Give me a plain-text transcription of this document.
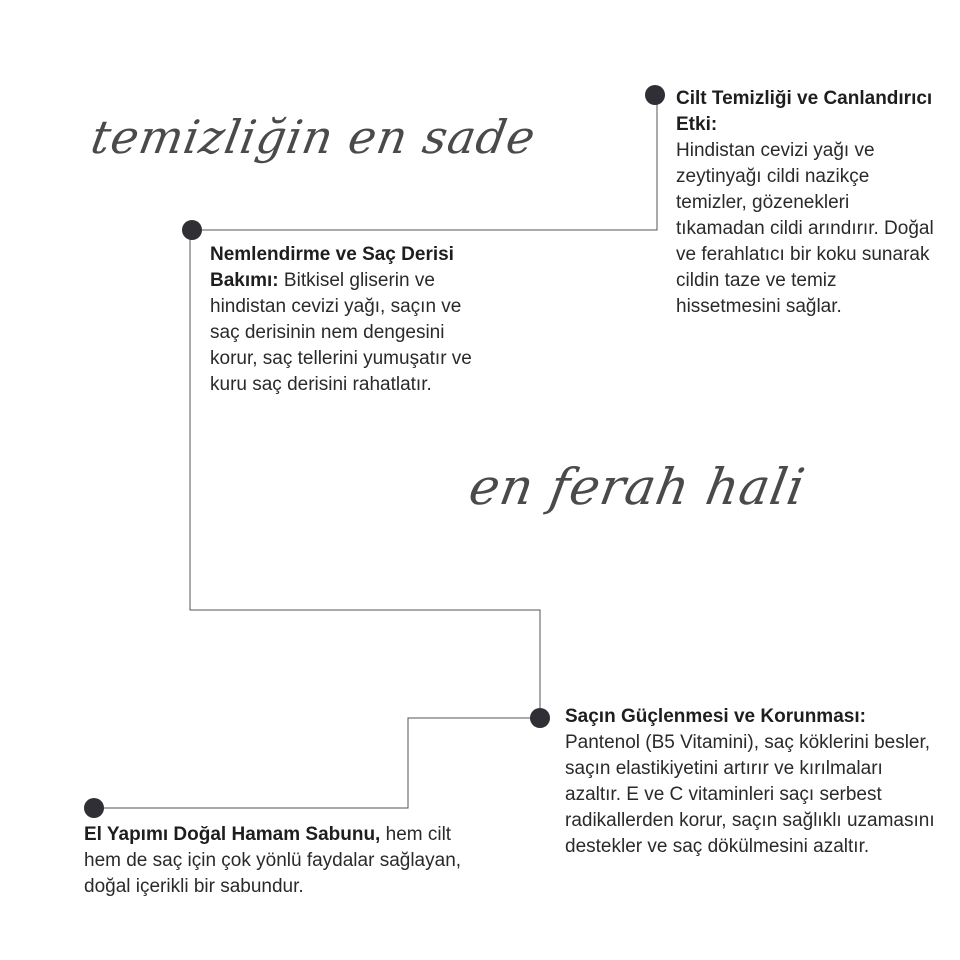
temizliğin en sade
en ferah hali
Cilt Temizliği ve Canlandırıcı Etki:
Hindistan cevizi yağı ve zeytinyağı cildi nazikçe temizler, gözenekleri tıkamadan cildi arındırır. Doğal ve ferahlatıcı bir koku sunarak cildin taze ve temiz hissetmesini sağlar.
Nemlendirme ve Saç Derisi Bakımı: Bitkisel gliserin ve hindistan cevizi yağı, saçın ve saç derisinin nem dengesini korur, saç tellerini yumuşatır ve kuru saç derisini rahatlatır.
Saçın Güçlenmesi ve Korunması: Pantenol (B5 Vitamini), saç köklerini besler, saçın elastikiyetini artırır ve kırılmaları azaltır. E ve C vitaminleri saçı serbest radikallerden korur, saçın sağlıklı uzamasını destekler ve saç dökülmesini azaltır.
El Yapımı Doğal Hamam Sabunu, hem cilt hem de saç için çok yönlü faydalar sağlayan, doğal içerikli bir sabundur.
